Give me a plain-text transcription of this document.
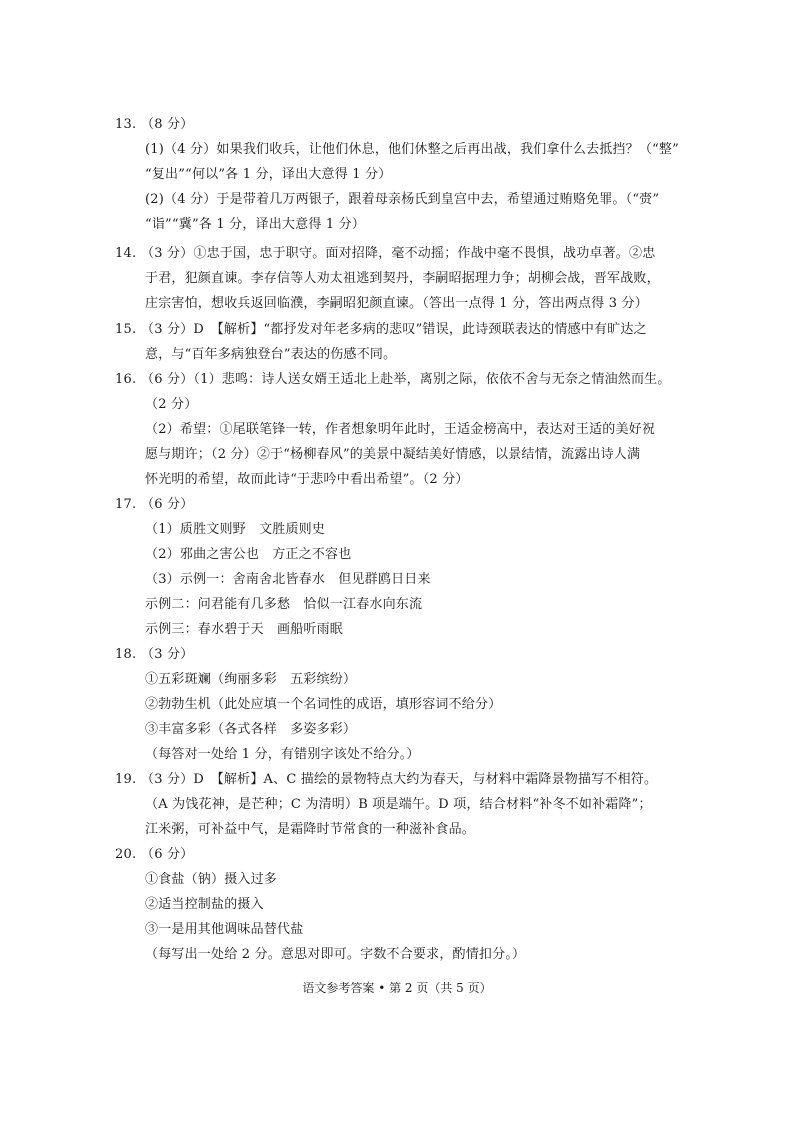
13. （8 分）
(1)（4 分）如果我们收兵，让他们休息，他们休整之后再出战，我们拿什么去抵挡？（“整”
“复出”“何以”各 1 分，译出大意得 1 分）
(2)（4 分）于是带着几万两银子，跟着母亲杨氏到皇宫中去，希望通过贿赂免罪。（“赍”
“诣”“冀”各 1 分，译出大意得 1 分）
14. （3 分）①忠于国，忠于职守。面对招降，毫不动摇；作战中毫不畏惧，战功卓著。②忠
于君，犯颜直谏。李存信等人劝太祖逃到契丹，李嗣昭据理力争；胡柳会战，晋军战败，
庄宗害怕，想收兵返回临濮，李嗣昭犯颜直谏。（答出一点得 1 分，答出两点得 3 分）
15. （3 分）D　【解析】“都抒发对年老多病的悲叹”错误，此诗颈联表达的情感中有旷达之
意，与“百年多病独登台”表达的伤感不同。
16. （6 分）（1）悲鸣：诗人送女婿王适北上赴举，离别之际，依依不舍与无奈之情油然而生。
（2 分）
（2）希望：①尾联笔锋一转，作者想象明年此时，王适金榜高中，表达对王适的美好祝
愿与期许；（2 分）②于“杨柳春风”的美景中凝结美好情感，以景结情，流露出诗人满
怀光明的希望，故而此诗“于悲吟中看出希望”。（2 分）
17. （6 分）
（1）质胜文则野　文胜质则史
（2）邪曲之害公也　方正之不容也
（3）示例一：舍南舍北皆春水　但见群鸥日日来
示例二：问君能有几多愁　恰似一江春水向东流
示例三：春水碧于天　画船听雨眠
18. （3 分）
①五彩斑斓（绚丽多彩　五彩缤纷）
②勃勃生机（此处应填一个名词性的成语，填形容词不给分）
③丰富多彩（各式各样　多姿多彩）
（每答对一处给 1 分，有错别字该处不给分。）
19. （3 分）D　【解析】A、C 描绘的景物特点大约为春天，与材料中霜降景物描写不相符。
（A 为饯花神，是芒种；C 为清明）B 项是端午。D 项，结合材料“补冬不如补霜降”；
江米粥，可补益中气，是霜降时节常食的一种滋补食品。
20. （6 分）
①食盐（钠）摄入过多
②适当控制盐的摄入
③一是用其他调味品替代盐
（每写出一处给 2 分。意思对即可。字数不合要求，酌情扣分。）
语文参考答案 • 第 2 页（共 5 页）
